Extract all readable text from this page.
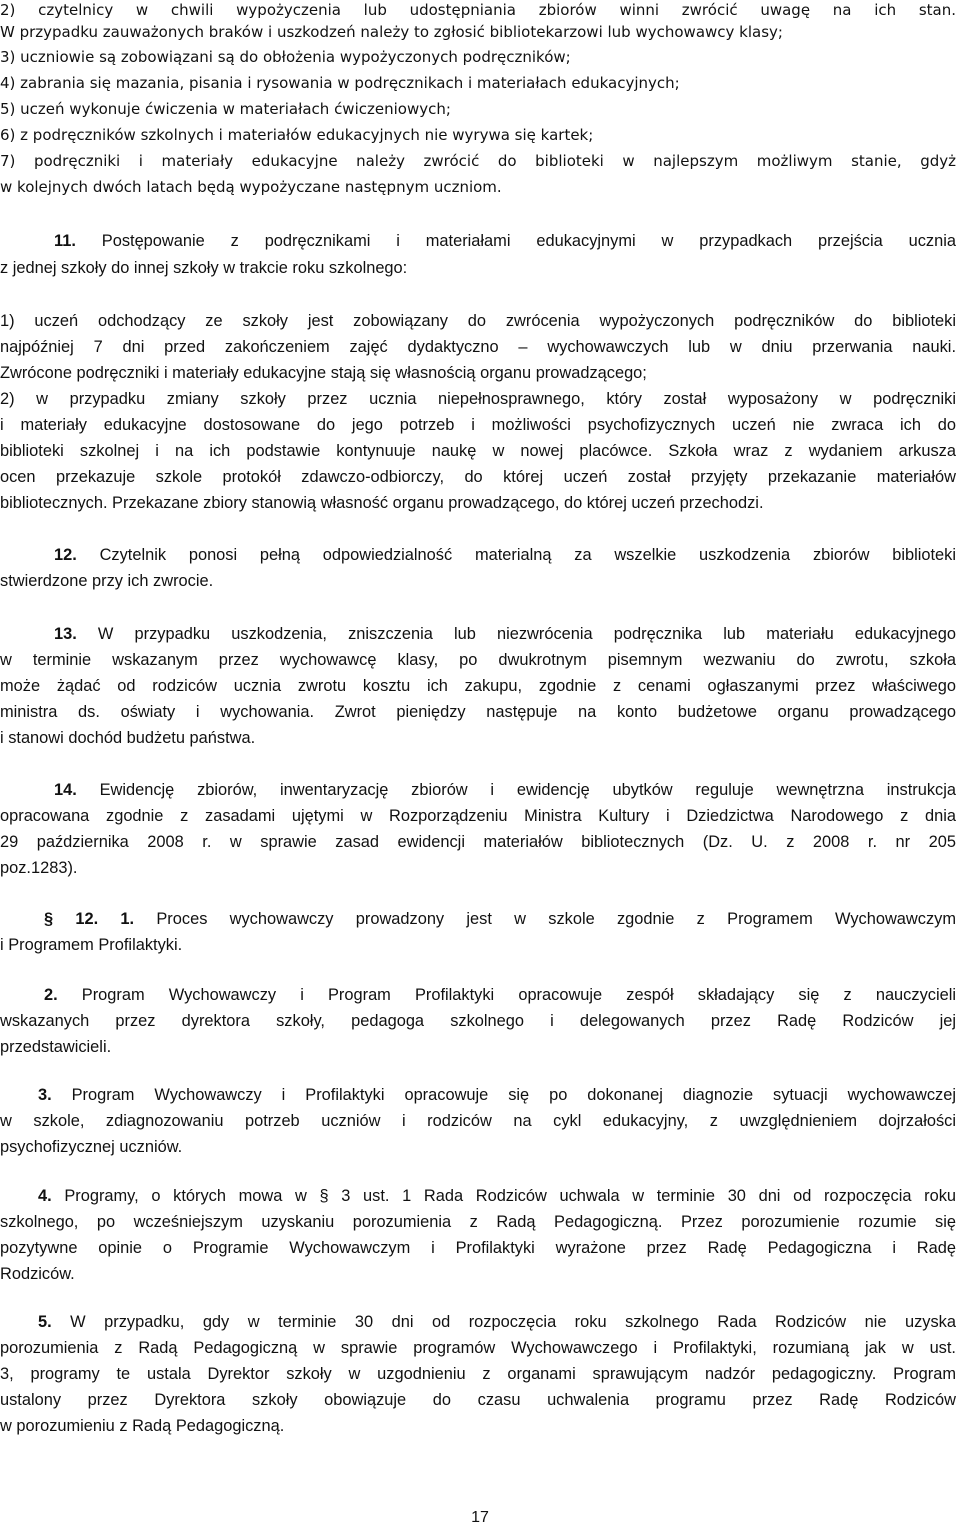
2) czytelnicy w chwili wypożyczenia lub udostępniania zbiorów winni zwrócić uwagę na ich stan.
W przypadku zauważonych braków i uszkodzeń należy to zgłosić bibliotekarzowi lub wychowawcy klasy;
3) uczniowie są zobowiązani są do obłożenia wypożyczonych podręczników;
4) zabrania się mazania, pisania i rysowania w podręcznikach i materiałach edukacyjnych;
5) uczeń wykonuje ćwiczenia w materiałach ćwiczeniowych;
6) z podręczników szkolnych i materiałów edukacyjnych nie wyrywa się kartek;
7) podręczniki i materiały edukacyjne należy zwrócić do biblioteki w najlepszym możliwym stanie, gdyż
w kolejnych dwóch latach będą wypożyczane następnym uczniom.
11. Postępowanie z podręcznikami i materiałami edukacyjnymi w przypadkach przejścia ucznia
z jednej szkoły do innej szkoły w trakcie roku szkolnego:
1) uczeń odchodzący ze szkoły jest zobowiązany do zwrócenia wypożyczonych podręczników do biblioteki
najpóźniej 7 dni przed zakończeniem zajęć dydaktyczno – wychowawczych lub w dniu przerwania nauki.
Zwrócone podręczniki i materiały edukacyjne stają się własnością organu prowadzącego;
2) w przypadku zmiany szkoły przez ucznia niepełnosprawnego, który został wyposażony w podręczniki
i materiały edukacyjne dostosowane do jego potrzeb i możliwości psychofizycznych uczeń nie zwraca ich do
biblioteki szkolnej i na ich podstawie kontynuuje naukę w nowej placówce. Szkoła wraz z wydaniem arkusza
ocen przekazuje szkole protokół zdawczo-odbiorczy, do której uczeń został przyjęty przekazanie materiałów
bibliotecznych. Przekazane zbiory stanowią własność organu prowadzącego, do której uczeń przechodzi.
12. Czytelnik ponosi pełną odpowiedzialność materialną za wszelkie uszkodzenia zbiorów biblioteki
stwierdzone przy ich zwrocie.
13. W przypadku uszkodzenia, zniszczenia lub niezwrócenia podręcznika lub materiału edukacyjnego
w terminie wskazanym przez wychowawcę klasy, po dwukrotnym pisemnym wezwaniu do zwrotu, szkoła
może żądać od rodziców ucznia zwrotu kosztu ich zakupu, zgodnie z cenami ogłaszanymi przez właściwego
ministra ds. oświaty i wychowania. Zwrot pieniędzy następuje na konto budżetowe organu prowadzącego
i stanowi dochód budżetu państwa.
14. Ewidencję zbiorów, inwentaryzację zbiorów i ewidencję ubytków reguluje wewnętrzna instrukcja
opracowana zgodnie z zasadami ujętymi w Rozporządzeniu Ministra Kultury i Dziedzictwa Narodowego z dnia
29 października 2008 r. w sprawie zasad ewidencji materiałów bibliotecznych (Dz. U. z 2008 r. nr 205
poz.1283).
§ 12. 1. Proces wychowawczy prowadzony jest w szkole zgodnie z Programem Wychowawczym
i Programem Profilaktyki.
2. Program Wychowawczy i Program Profilaktyki opracowuje zespół składający się z nauczycieli
wskazanych przez dyrektora szkoły, pedagoga szkolnego i delegowanych przez Radę Rodziców jej
przedstawicieli.
3. Program Wychowawczy i Profilaktyki opracowuje się po dokonanej diagnozie sytuacji wychowawczej
w szkole, zdiagnozowaniu potrzeb uczniów i rodziców na cykl edukacyjny, z uwzględnieniem dojrzałości
psychofizycznej uczniów.
4. Programy, o których mowa w § 3 ust. 1 Rada Rodziców uchwala w terminie 30 dni od rozpoczęcia roku
szkolnego, po wcześniejszym uzyskaniu porozumienia z Radą Pedagogiczną. Przez porozumienie rozumie się
pozytywne opinie o Programie Wychowawczym i Profilaktyki wyrażone przez Radę Pedagogiczna i Radę
Rodziców.
5. W przypadku, gdy w terminie 30 dni od rozpoczęcia roku szkolnego Rada Rodziców nie uzyska
porozumienia z Radą Pedagogiczną w sprawie programów Wychowawczego i Profilaktyki, rozumianą jak w ust.
3, programy te ustala Dyrektor szkoły w uzgodnieniu z organami sprawującym nadzór pedagogiczny. Program
ustalony przez Dyrektora szkoły obowiązuje do czasu uchwalenia programu przez Radę Rodziców
w porozumieniu z Radą Pedagogiczną.
17
